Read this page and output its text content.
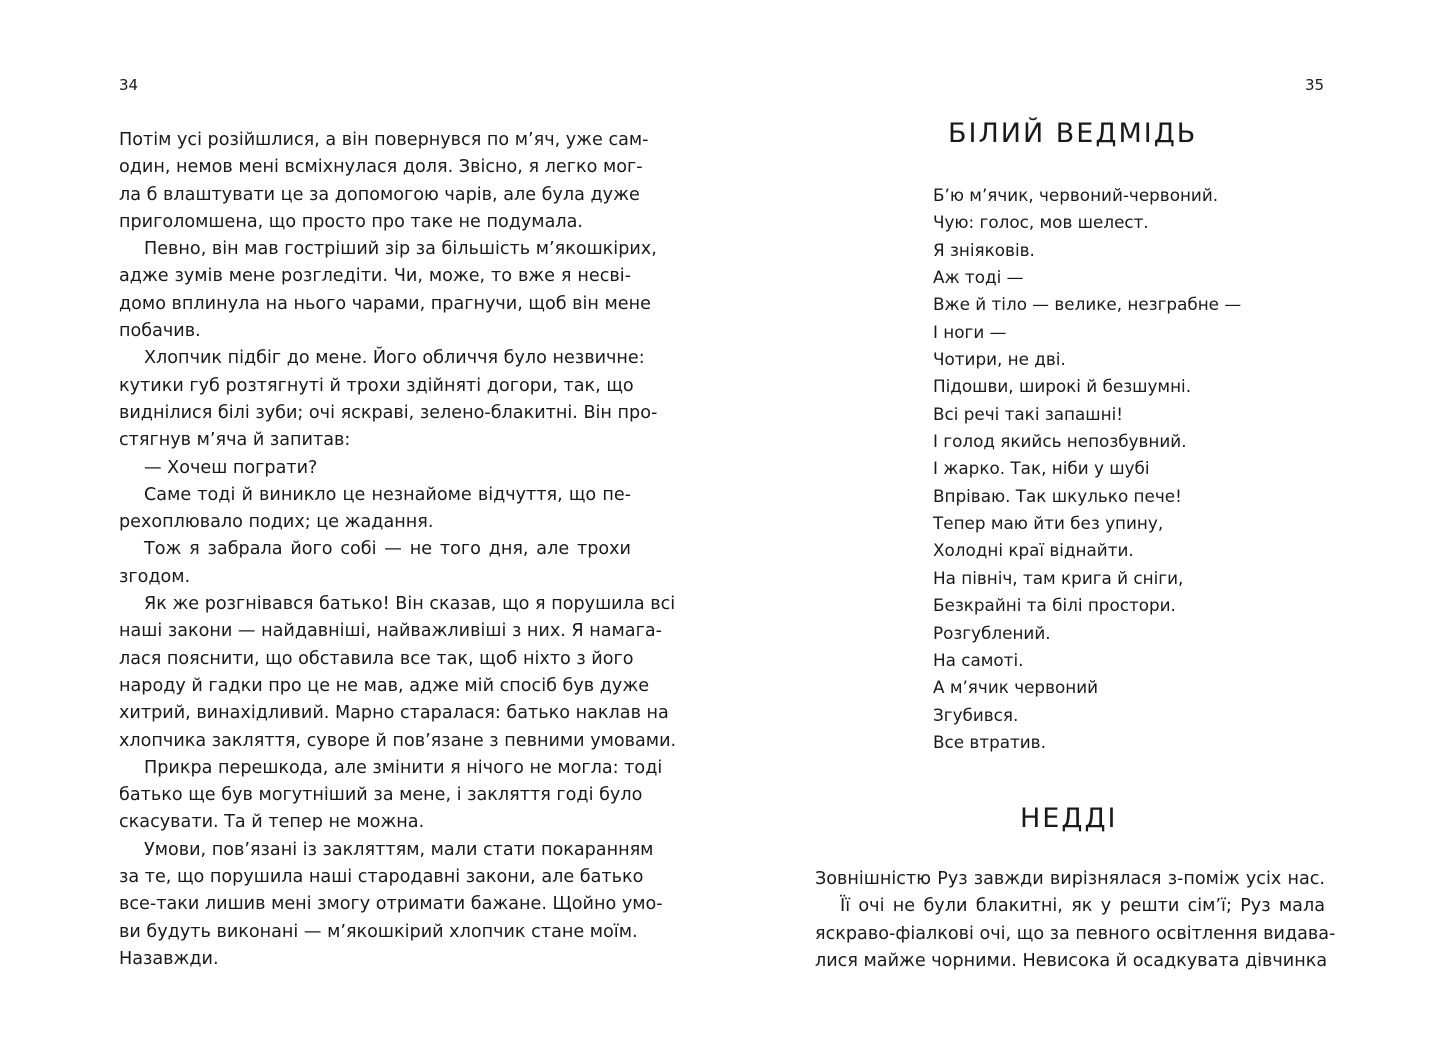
34	35
Потім усі розійшлися, а він повернувся по м’яч, уже сам-
один, немов мені всміхнулася доля. Звісно, я легко мог-
ла б влаштувати це за допомогою чарів, але була дуже
приголомшена, що просто про таке не подумала.
Певно, він мав гостріший зір за більшість м’якошкірих,
адже зумів мене розгледіти. Чи, може, то вже я несві-
домо вплинула на нього чарами, прагнучи, щоб він мене
побачив.
Хлопчик підбіг до мене. Його обличчя було незвичне:
кутики губ розтягнуті й трохи здійняті догори, так, що
виднілися білі зуби; очі яскраві, зелено-блакитні. Він про-
стягнув м’яча й запитав:
— Хочеш пограти?
Саме тоді й виникло це незнайоме відчуття, що пе-
рехоплювало подих; це жадання.
Тож я забрала його собі — не того дня, але трохи
згодом.
Як же розгнівався батько! Він сказав, що я порушила всі
наші закони — найдавніші, найважливіші з них. Я намага-
лася пояснити, що обставила все так, щоб ніхто з його
народу й гадки про це не мав, адже мій спосіб був дуже
хитрий, винахідливий. Марно старалася: батько наклав на
хлопчика закляття, суворе й пов’язане з певними умовами.
Прикра перешкода, але змінити я нічого не могла: тоді
батько ще був могутніший за мене, і закляття годі було
скасувати. Та й тепер не можна.
Умови, пов’язані із закляттям, мали стати покаранням
за те, що порушила наші стародавні закони, але батько
все-таки лишив мені змогу отримати бажане. Щойно умо-
ви будуть виконані — м’якошкірий хлопчик стане моїм.
Назавжди.
БІЛИЙ ВЕДМІДЬ
Б’ю м’ячик, червоний-червоний.
Чую: голос, мов шелест.
Я зніяковів.
Аж тоді —
Вже й тіло — велике, незграбне —
І ноги —
Чотири, не дві.
Підошви, широкі й безшумні.
Всі речі такі запашні!
І голод якийсь непозбувний.
І жарко. Так, ніби у шубі
Впріваю. Так шкулько пече!
Тепер маю йти без упину,
Холодні краї віднайти.
На північ, там крига й сніги,
Безкрайні та білі простори.
Розгублений.
На самоті.
А м’ячик червоний
Згубився.
Все втратив.
НЕДДІ
Зовнішністю Руз завжди вирізнялася з-поміж усіх нас.
Її очі не були блакитні, як у решти сім’ї; Руз мала
яскраво-фіалкові очі, що за певного освітлення видава-
лися майже чорними. Невисока й осадкувата дівчинка
